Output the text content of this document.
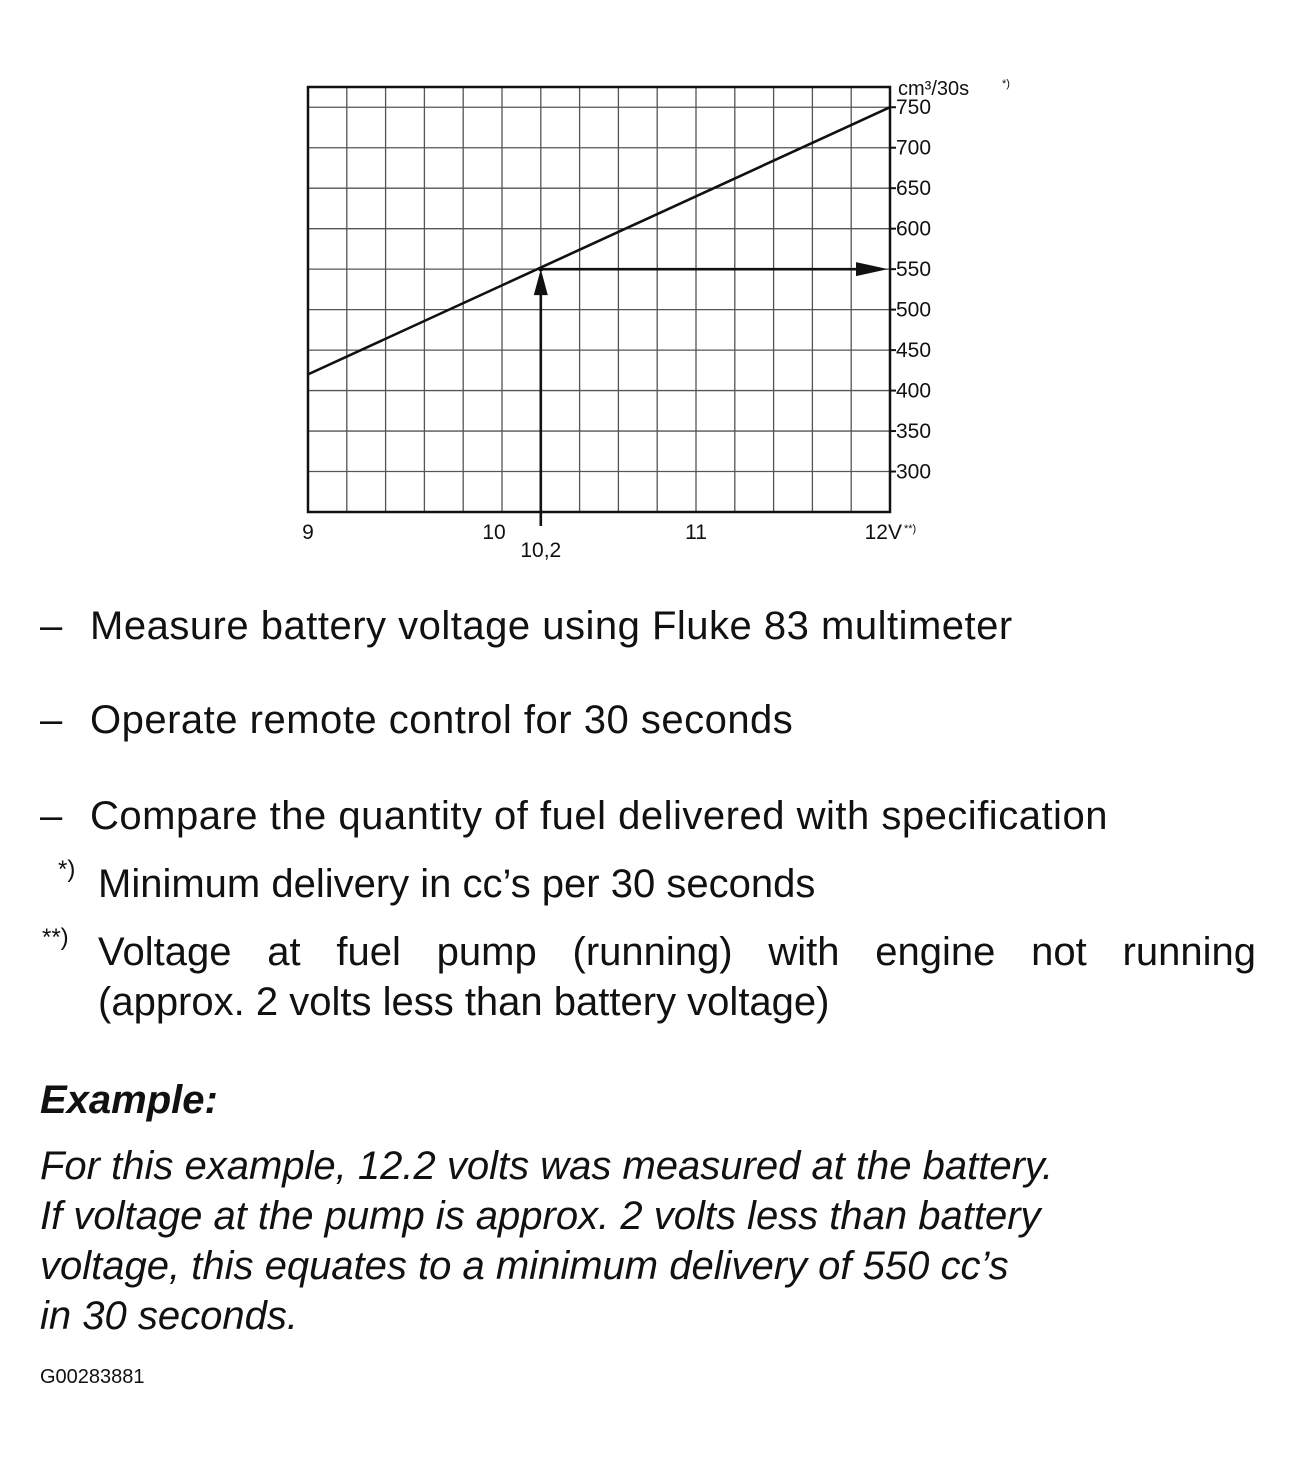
300
350
400
450
500
550
600
650
700
750
cm³/30s	*)
9	10	11	12V **)
10,2
– Measure battery voltage using Fluke 83 multimeter
– Operate remote control for 30 seconds
– Compare the quantity of fuel delivered with specification
*) Minimum delivery in cc’s per 30 seconds
**) Voltage at fuel pump (running) with engine not running
(approx. 2 volts less than battery voltage)
Example:
For this example, 12.2 volts was measured at the battery.
If voltage at the pump is approx. 2 volts less than battery
voltage, this equates to a minimum delivery of 550 cc’s
in 30 seconds.
G00283881
